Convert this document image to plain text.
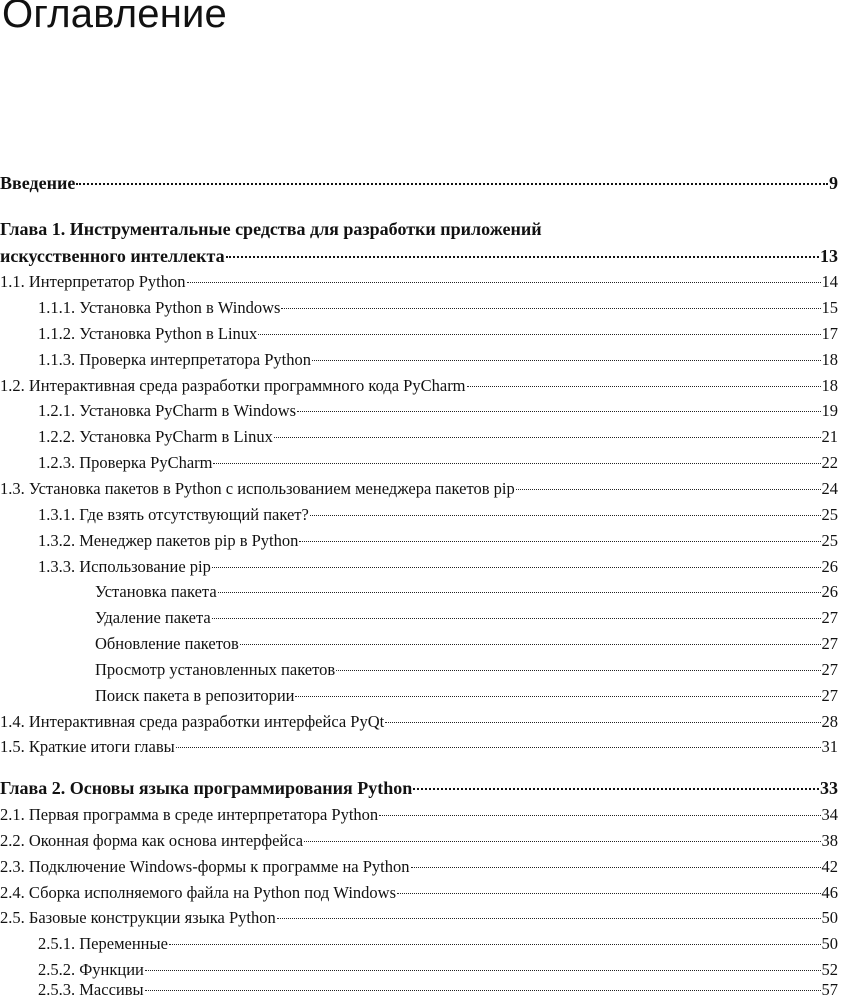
Оглавление
Введение	9
Глава 1. Инструментальные средства для разработки приложений
искусственного интеллекта	13
1.1. Интерпретатор Python	14
1.1.1. Установка Python в Windows	15
1.1.2. Установка Python в Linux	17
1.1.3. Проверка интерпретатора Python	18
1.2. Интерактивная среда разработки программного кода PyCharm	18
1.2.1. Установка PyCharm в Windows	19
1.2.2. Установка PyCharm в Linux	21
1.2.3. Проверка PyCharm	22
1.3. Установка пакетов в Python с использованием менеджера пакетов pip	24
1.3.1. Где взять отсутствующий пакет?	25
1.3.2. Менеджер пакетов pip в Python	25
1.3.3. Использование pip	26
Установка пакета	26
Удаление пакета	27
Обновление пакетов	27
Просмотр установленных пакетов	27
Поиск пакета в репозитории	27
1.4. Интерактивная среда разработки интерфейса PyQt	28
1.5. Краткие итоги главы	31
Глава 2. Основы языка программирования Python	33
2.1. Первая программа в среде интерпретатора Python	34
2.2. Оконная форма как основа интерфейса	38
2.3. Подключение Windows-формы к программе на Python	42
2.4. Сборка исполняемого файла на Python под Windows	46
2.5. Базовые конструкции языка Python	50
2.5.1. Переменные	50
2.5.2. Функции	52
2.5.3. Массивы	57
